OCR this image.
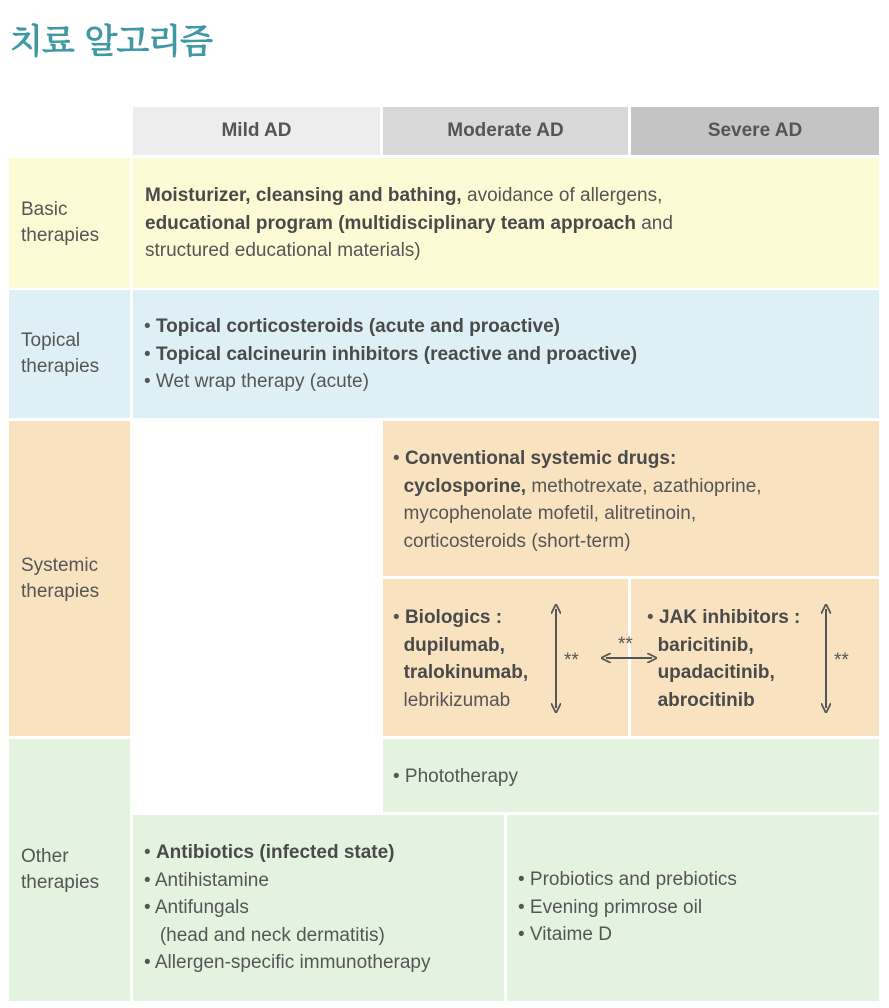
치료 알고리즘
Mild AD	Moderate AD	Severe AD
Basic
therapies
Moisturizer, cleansing and bathing, avoidance of allergens,
educational program (multidisciplinary team approach and
structured educational materials)
Topical
therapies
• Topical corticosteroids (acute and proactive)
• Topical calcineurin inhibitors (reactive and proactive)
• Wet wrap therapy (acute)
Systemic
therapies
• Conventional systemic drugs:
cyclosporine, methotrexate, azathioprine,
mycophenolate mofetil, alitretinoin,
corticosteroids (short-term)
• Biologics :
dupilumab,
tralokinumab,
lebrikizumab
• JAK inhibitors :
baricitinib,
upadacitinib,
abrocitinib
Other
therapies
• Phototherapy
• Antibiotics (infected state)
• Antihistamine
• Antifungals
(head and neck dermatitis)
• Allergen-specific immunotherapy
• Probiotics and prebiotics
• Evening primrose oil
• Vitaime D
**
**
**
